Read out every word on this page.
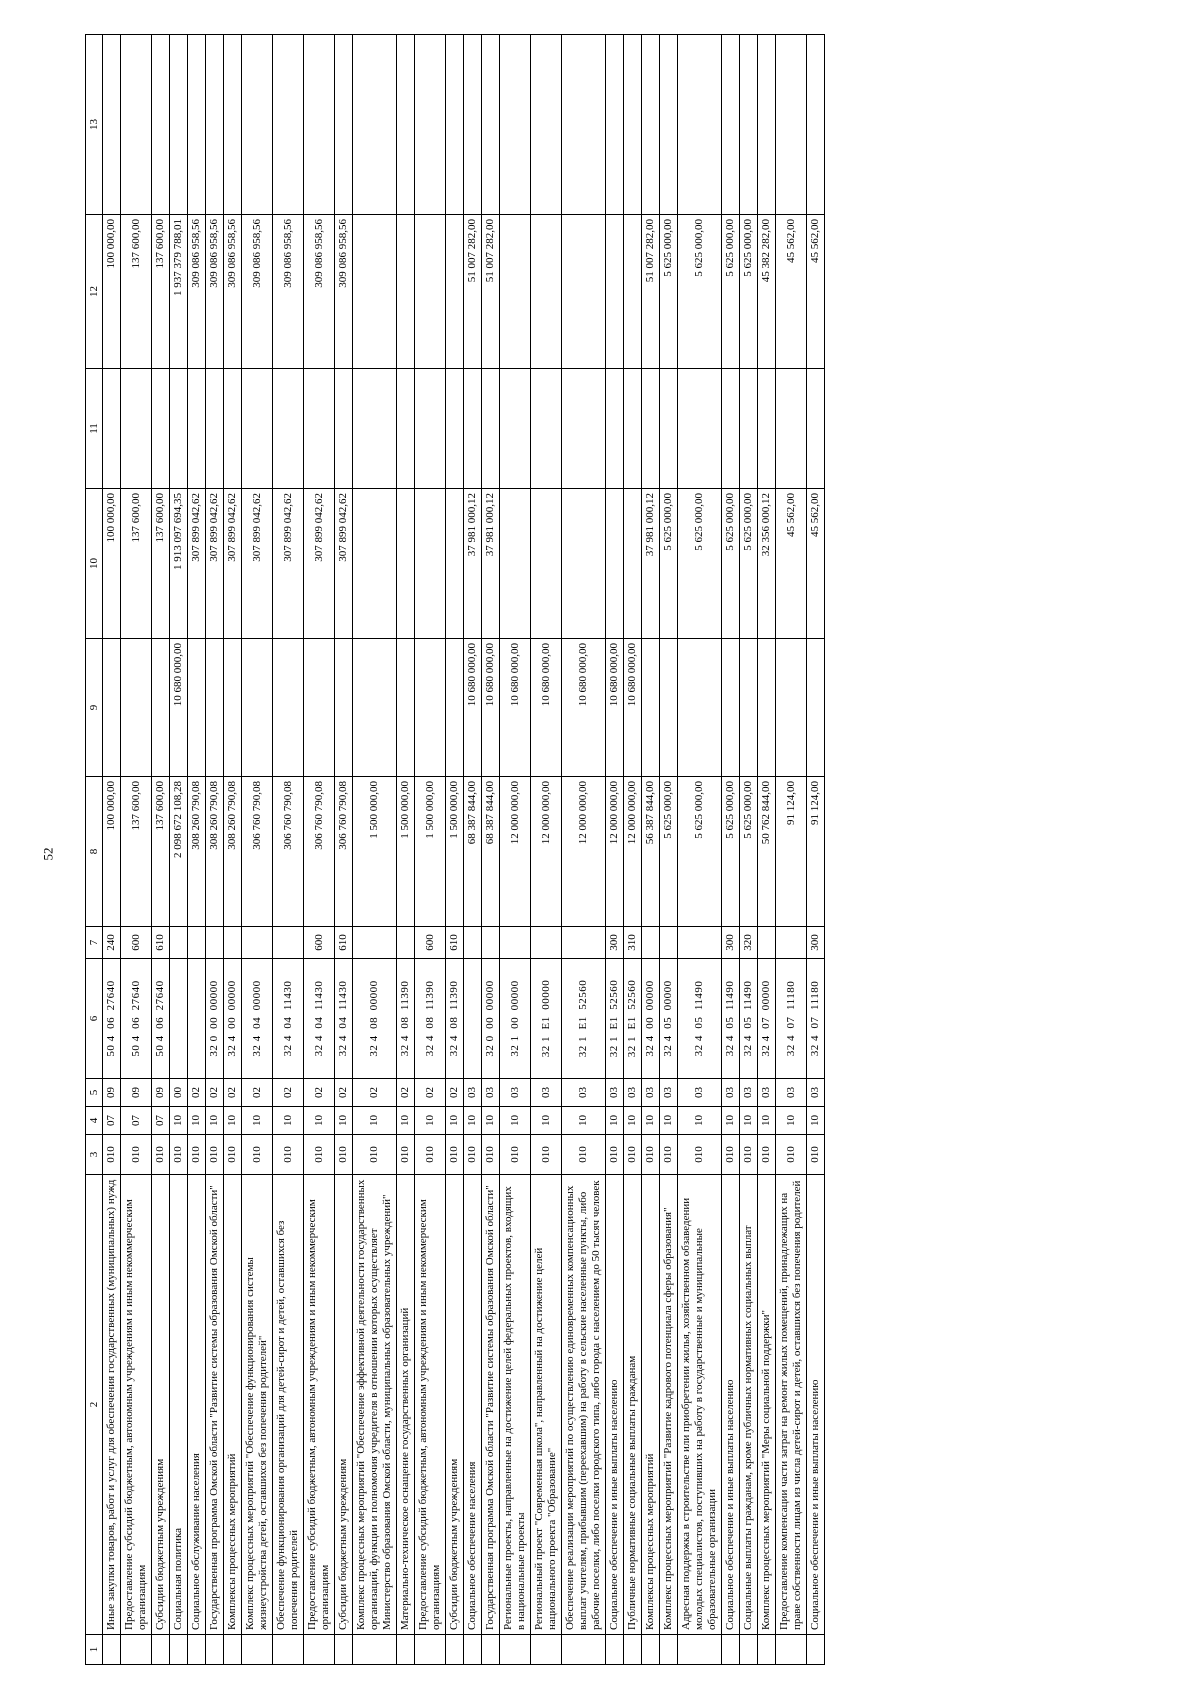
52
1	2	3	4	5	6	7	8	9	10	11	12	13
	Иные закупки товаров, работ и услуг для обеспечения государственных (муниципальных) нужд	010	07	09	50 4  06  27640	240	100 000,00		100 000,00		100 000,00	
	Предоставление субсидий бюджетным, автономным учреждениям и иным некоммерческим организациям	010	07	09	50 4  06  27640	600	137 600,00		137 600,00		137 600,00	
	Субсидии бюджетным учреждениям	010	07	09	50 4  06  27640	610	137 600,00		137 600,00		137 600,00	
	Социальная политика	010	10	00			2 098 672 108,28	10 680 000,00	1 913 097 694,35		1 937 379 788,01	
	Социальное обслуживание населения	010	10	02			308 260 790,08		307 899 042,62		309 086 958,56	
	Государственная программа Омской области "Развитие системы образования Омской области"	010	10	02	32 0  00  00000		308 260 790,08		307 899 042,62		309 086 958,56	
	Комплексы процессных мероприятий	010	10	02	32 4  00  00000		308 260 790,08		307 899 042,62		309 086 958,56	
	Комплекс процессных мероприятий "Обеспечение функционирования системы жизнеустройства детей, оставшихся без попечения родителей"	010	10	02	32 4  04  00000		306 760 790,08		307 899 042,62		309 086 958,56	
	Обеспечение функционирования организаций для детей-сирот и детей, оставшихся без попечения родителей	010	10	02	32 4  04  11430		306 760 790,08		307 899 042,62		309 086 958,56	
	Предоставление субсидий бюджетным, автономным учреждениям и иным некоммерческим организациям	010	10	02	32 4  04  11430	600	306 760 790,08		307 899 042,62		309 086 958,56	
	Субсидии бюджетным учреждениям	010	10	02	32 4  04  11430	610	306 760 790,08		307 899 042,62		309 086 958,56	
	Комплекс процессных мероприятий "Обеспечение эффективной деятельности государственных организаций, функции и полномочия учредителя в отношении которых осуществляет Министерство образования Омской области, муниципальных образовательных учреждений"	010	10	02	32 4  08  00000		1 500 000,00					
	Материально-техническое оснащение государственных организаций	010	10	02	32 4  08  11390		1 500 000,00					
	Предоставление субсидий бюджетным, автономным учреждениям и иным некоммерческим организациям	010	10	02	32 4  08  11390	600	1 500 000,00					
	Субсидии бюджетным учреждениям	010	10	02	32 4  08  11390	610	1 500 000,00					
	Социальное обеспечение населения	010	10	03			68 387 844,00	10 680 000,00	37 981 000,12		51 007 282,00	
	Государственная программа Омской области "Развитие системы образования Омской области"	010	10	03	32 0  00  00000		68 387 844,00	10 680 000,00	37 981 000,12		51 007 282,00	
	Региональные проекты, направленные на достижение целей федеральных проектов, входящих в национальные проекты	010	10	03	32 1  00  00000		12 000 000,00	10 680 000,00				
	Региональный проект "Современная школа", направленный на достижение целей национального проекта "Образование"	010	10	03	32 1  E1  00000		12 000 000,00	10 680 000,00				
	Обеспечение реализации мероприятий по осуществлению единовременных компенсационных выплат учителям, прибывшим (переехавшим) на работу в сельские населенные пункты, либо рабочие поселки, либо поселки городского типа, либо города с населением до 50 тысяч человек	010	10	03	32 1  E1  52560		12 000 000,00	10 680 000,00				
	Социальное обеспечение и иные выплаты населению	010	10	03	32 1  E1  52560	300	12 000 000,00	10 680 000,00				
	Публичные нормативные социальные выплаты гражданам	010	10	03	32 1  E1  52560	310	12 000 000,00	10 680 000,00				
	Комплексы процессных мероприятий	010	10	03	32 4  00  00000		56 387 844,00		37 981 000,12		51 007 282,00	
	Комплекс процессных мероприятий "Развитие кадрового потенциала сферы образования"	010	10	03	32 4  05  00000		5 625 000,00		5 625 000,00		5 625 000,00	
	Адресная поддержка в строительстве или приобретении жилья, хозяйственном обзаведении молодых специалистов, поступивших на работу в государственные и муниципальные образовательные организации	010	10	03	32 4  05  11490		5 625 000,00		5 625 000,00		5 625 000,00	
	Социальное обеспечение и иные выплаты населению	010	10	03	32 4  05  11490	300	5 625 000,00		5 625 000,00		5 625 000,00	
	Социальные выплаты гражданам, кроме публичных нормативных социальных выплат	010	10	03	32 4  05  11490	320	5 625 000,00		5 625 000,00		5 625 000,00	
	Комплекс процессных мероприятий "Меры социальной поддержки"	010	10	03	32 4  07  00000		50 762 844,00		32 356 000,12		45 382 282,00	
	Предоставление компенсации части затрат на ремонт жилых помещений, принадлежащих на праве собственности лицам из числа детей-сирот и детей, оставшихся без попечения родителей	010	10	03	32 4  07  11180		91 124,00		45 562,00		45 562,00	
	Социальное обеспечение и иные выплаты населению	010	10	03	32 4  07  11180	300	91 124,00		45 562,00		45 562,00	
